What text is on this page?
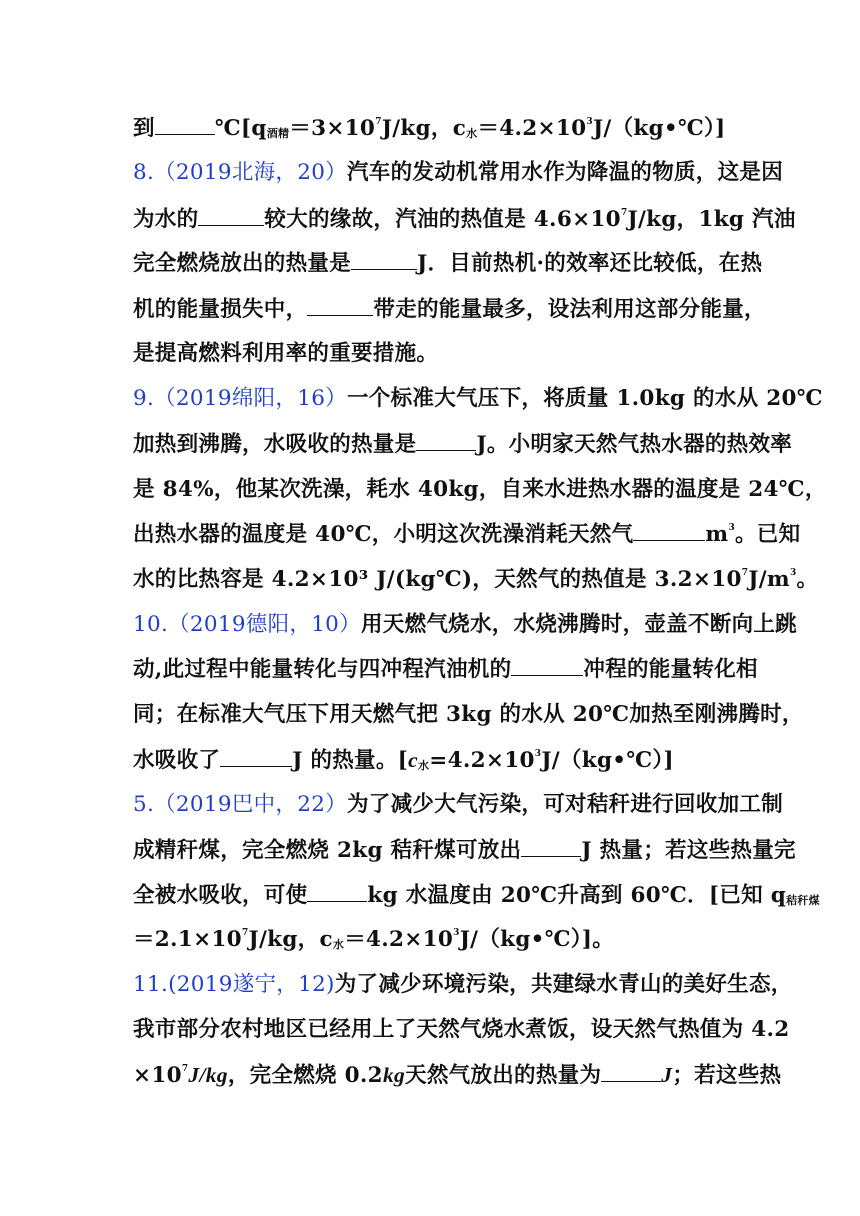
到	$℃[q_{酒精}=3\times 10^7J/kg$，$c_水=4.2\times 10^3J/(kg•℃)$]
8.（2019北海，20）汽车的发动机常用水作为降温的物质，这是因
为水的	较大的缘故，汽油的热值是 $4.6\times 10^7J/kg$，1kg 汽油
完全燃烧放出的热量是	J．目前热机·的效率还比较低，在热
机的能量损失中，	带走的能量最多，设法利用这部分能量，
是提高燃料利用率的重要措施。
9.（2019绵阳，16）一个标准大气压下，将质量 1.0kg 的水从 20℃
加热到沸腾，水吸收的热量是	J。小明家天然气热水器的热效率
是 84%，他某次洗澡，耗水 40kg，自来水进热水器的温度是 24℃，
出热水器的温度是 40℃，小明这次洗澡消耗天然气	$m^3$。已知
水的比热容是 4.2×10³ J/(kg℃)，天然气的热值是 $3.2\times 10^7J/m^3$。
10.（2019德阳，10）用天燃气烧水，水烧沸腾时，壶盖不断向上跳
动,此过程中能量转化与四冲程汽油机的	冲程的能量转化相
同；在标准大气压下用天燃气把 3kg 的水从 20℃加热至刚沸腾时，
水吸收了	J 的热量。$[c_水=4.2\times 10^3J/(kg•℃)]$
5.（2019巴中，22）为了减少大气污染，可对秸秆进行回收加工制
成精秆煤，完全燃烧 2kg 秸秆煤可放出	J 热量；若这些热量完
全被水吸收，可使	kg 水温度由 20℃升高到 60℃．[已知 $q_{秸秆煤}$
$=2.1\times 10^7J/kg$，$c_水=4.2\times 10^3J/(kg•℃)$]。
11.(2019遂宁，12)为了减少环境污染，共建绿水青山的美好生态，
我市部分农村地区已经用上了天然气烧水煮饭，设天然气热值为 4.2
$\times 10^7J/kg$，完全燃烧 0.2kg天然气放出的热量为	J；若这些热
